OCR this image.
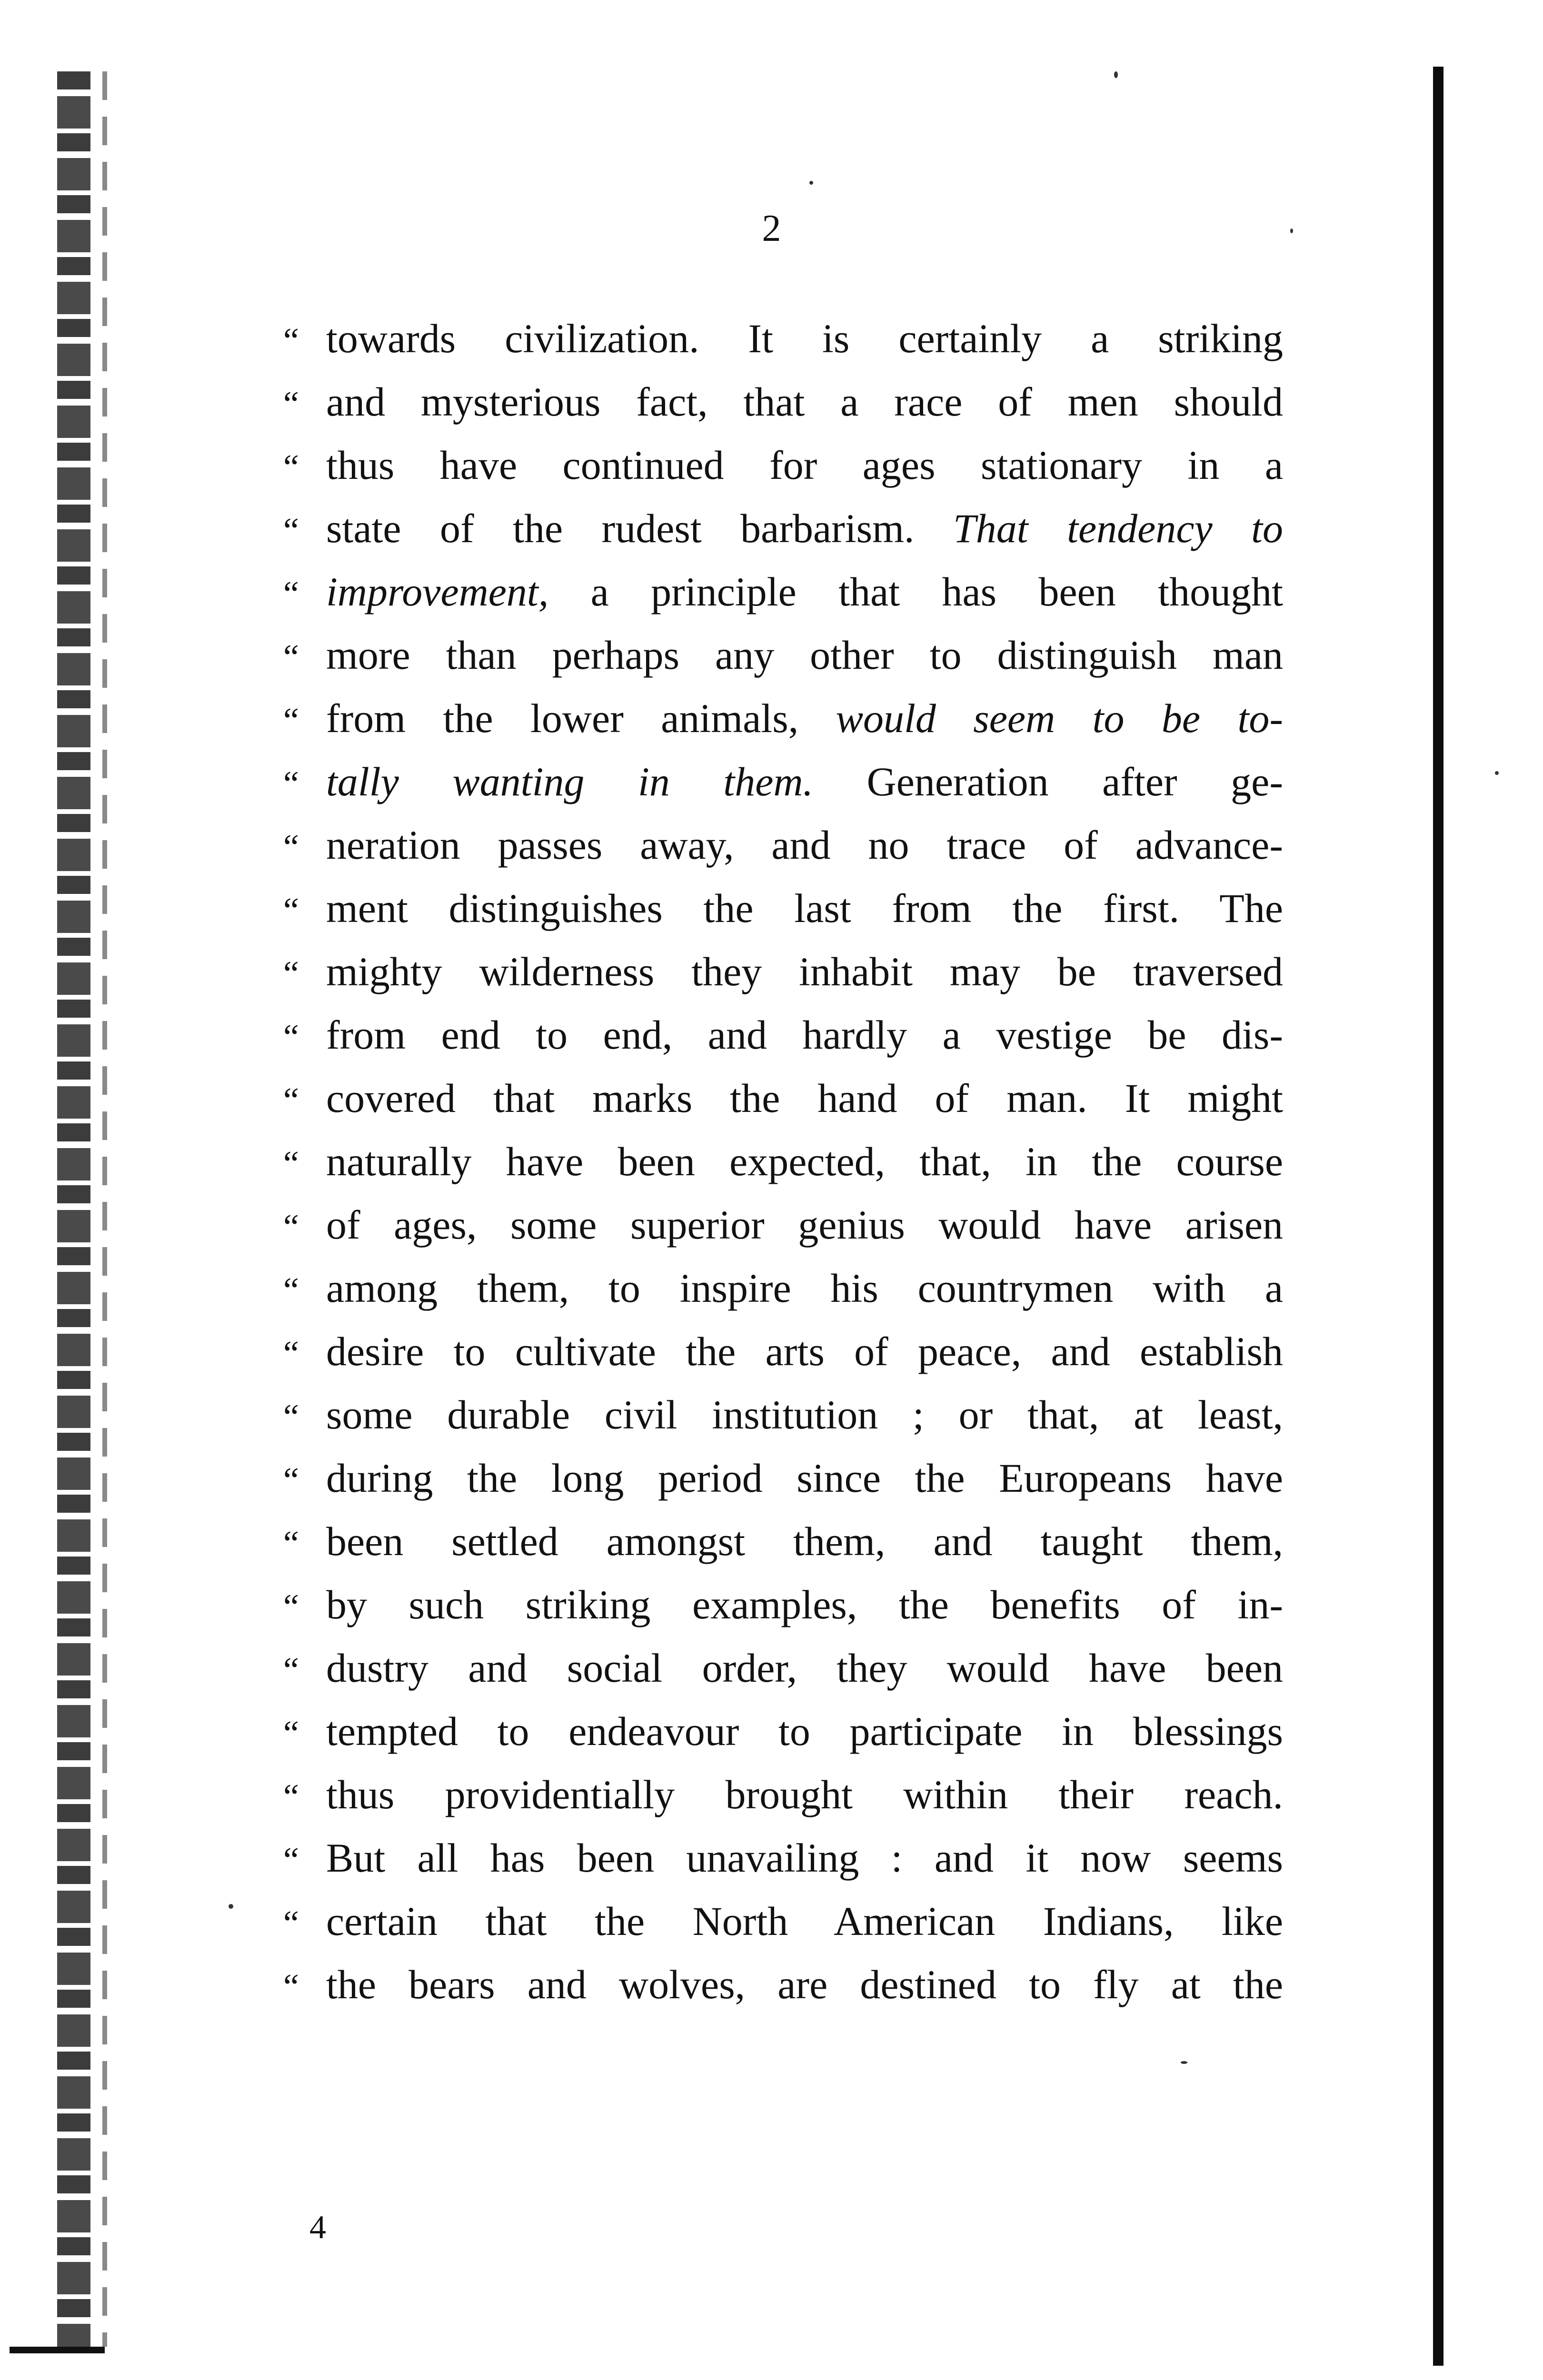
2
“ towards civilization. It is certainly a striking
“ and mysterious fact, that a race of men should
“ thus have continued for ages stationary in a
“ state of the rudest barbarism. That tendency to
“ improvement, a principle that has been thought
“ more than perhaps any other to distinguish man
“ from the lower animals, would seem to be to-
“ tally wanting in them. Generation after ge-
“ neration passes away, and no trace of advance-
“ ment distinguishes the last from the first. The
“ mighty wilderness they inhabit may be traversed
“ from end to end, and hardly a vestige be dis-
“ covered that marks the hand of man. It might
“ naturally have been expected, that, in the course
“ of ages, some superior genius would have arisen
“ among them, to inspire his countrymen with a
“ desire to cultivate the arts of peace, and establish
“ some durable civil institution ; or that, at least,
“ during the long period since the Europeans have
“ been settled amongst them, and taught them,
“ by such striking examples, the benefits of in-
“ dustry and social order, they would have been
“ tempted to endeavour to participate in blessings
“ thus providentially brought within their reach.
“ But all has been unavailing : and it now seems
“ certain that the North American Indians, like
“ the bears and wolves, are destined to fly at the
4
